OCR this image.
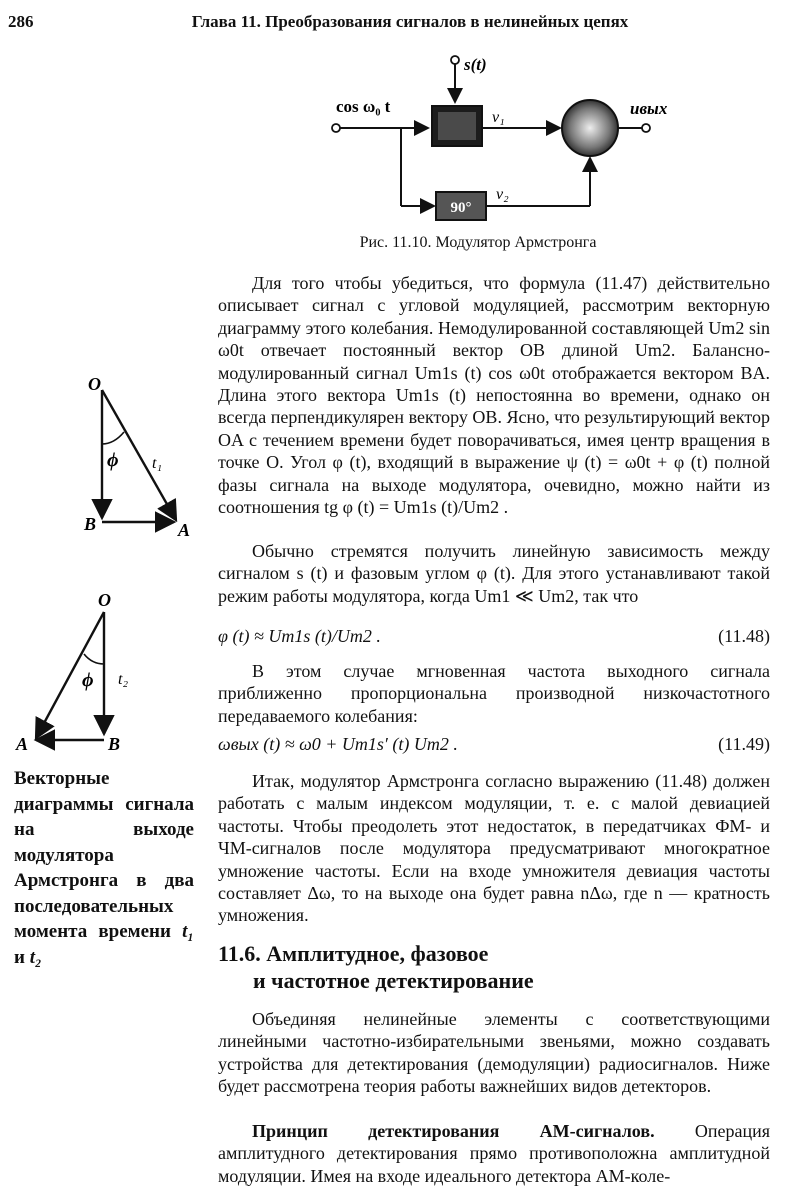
286	Глава 11. Преобразования сигналов в нелинейных цепях
cos ω₀ t
s(t)
v₁	uвых
90°
v₂
Рис. 11.10. Модулятор Армстронга
O
B	A
ϕ t₁
O
B
A
ϕ t₂
Векторные диаграммы сигнала на выходе модулятора Армстронга в два последовательных момента времени t₁ и t₂

Для того чтобы убедиться, что формула (11.47) действительно описывает сигнал с угловой модуляцией, рассмотрим векторную диаграмму этого колебания. Немодулированной составляющей Um2 sin ω0t отвечает постоянный вектор OB длиной Um2. Балансно-модулированный сигнал Um1s (t) cos ω0t отображается вектором BA. Длина этого вектора Um1s (t) непостоянна во времени, однако он всегда перпендикулярен вектору OB. Ясно, что результирующий вектор OA с течением времени будет поворачиваться, имея центр вращения в точке O. Угол φ (t), входящий в выражение ψ (t) = ω0t + φ (t) полной фазы сигнала на выходе модулятора, очевидно, можно найти из соотношения tg φ (t) = Um1s (t)/Um2 .

Обычно стремятся получить линейную зависимость между сигналом s (t) и фазовым углом φ (t). Для этого устанавливают такой режим работы модулятора, когда Um1 ≪ Um2, так что

φ (t) ≈ Um1s (t)/Um2 .	(11.48)

В этом случае мгновенная частота выходного сигнала приближенно пропорциональна производной низкочастотного передаваемого колебания:

ωвых (t) ≈ ω0 + Um1s′ (t) Um2 .	(11.49)

Итак, модулятор Армстронга согласно выражению (11.48) должен работать с малым индексом модуляции, т. е. с малой девиацией частоты. Чтобы преодолеть этот недостаток, в передатчиках ФМ- и ЧМ-сигналов после модулятора предусматривают многократное умножение частоты. Если на входе умножителя девиация частоты составляет Δω, то на выходе она будет равна nΔω, где n — кратность умножения.

11.6. Амплитудное, фазовое
и частотное детектирование

Объединяя нелинейные элементы с соответствующими линейными частотно-избирательными звеньями, можно создавать устройства для детектирования (демодуляции) радиосигналов. Ниже будет рассмотрена теория работы важнейших видов детекторов.

Принцип детектирования АМ-сигналов. Операция амплитудного детектирования прямо противоположна амплитудной модуляции. Имея на входе идеального детектора АМ-коле-
